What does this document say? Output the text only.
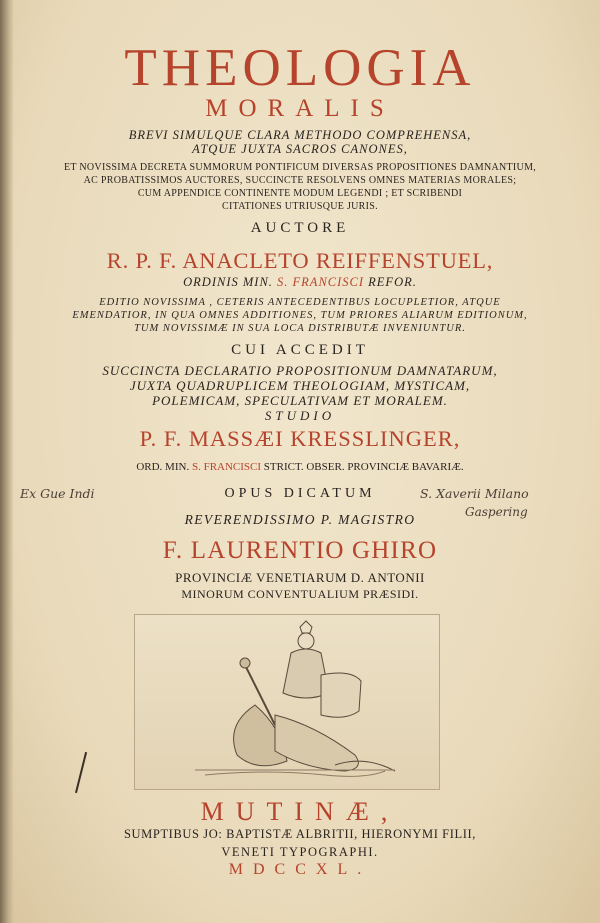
THEOLOGIA
MORALIS
BREVI SIMULQUE CLARA METHODO COMPREHENSA,
ATQUE JUXTA SACROS CANONES,
ET NOVISSIMA DECRETA SUMMORUM PONTIFICUM DIVERSAS PROPOSITIONES DAMNANTIUM,
AC PROBATISSIMOS AUCTORES, SUCCINCTE RESOLVENS OMNES MATERIAS MORALES;
CUM APPENDICE CONTINENTE MODUM LEGENDI ; ET SCRIBENDI
CITATIONES UTRIUSQUE JURIS.
AUCTORE
R. P. F. ANACLETO REIFFENSTUEL,
ORDINIS MIN. S. FRANCISCI REFOR.
EDITIO NOVISSIMA , CETERIS ANTECEDENTIBUS LOCUPLETIOR, ATQUE
EMENDATIOR, IN QUA OMNES ADDITIONES, TUM PRIORES ALIARUM EDITIONUM,
TUM NOVISSIMÆ IN SUA LOCA DISTRIBUTÆ INVENIUNTUR.
CUI ACCEDIT
SUCCINCTA DECLARATIO PROPOSITIONUM DAMNATARUM,
JUXTA QUADRUPLICEM THEOLOGIAM, MYSTICAM,
POLEMICAM, SPECULATIVAM ET MORALEM.
STUDIO
P. F. MASSÆI KRESSLINGER,
ORD. MIN. S. FRANCISCI STRICT. OBSER. PROVINCIÆ BAVARIÆ.
OPUS DICATUM
REVERENDISSIMO P. MAGISTRO
F. LAURENTIO GHIRO
PROVINCIÆ VENETIARUM D. ANTONII
MINORUM CONVENTUALIUM PRÆSIDI.
Ex Gue Indi	S. Xaverii Milano
Gaspering
MUTINÆ,
SUMPTIBUS JO: BAPTISTÆ ALBRITII, HIERONYMI FILII,
VENETI TYPOGRAPHI.
MDCCXL.
